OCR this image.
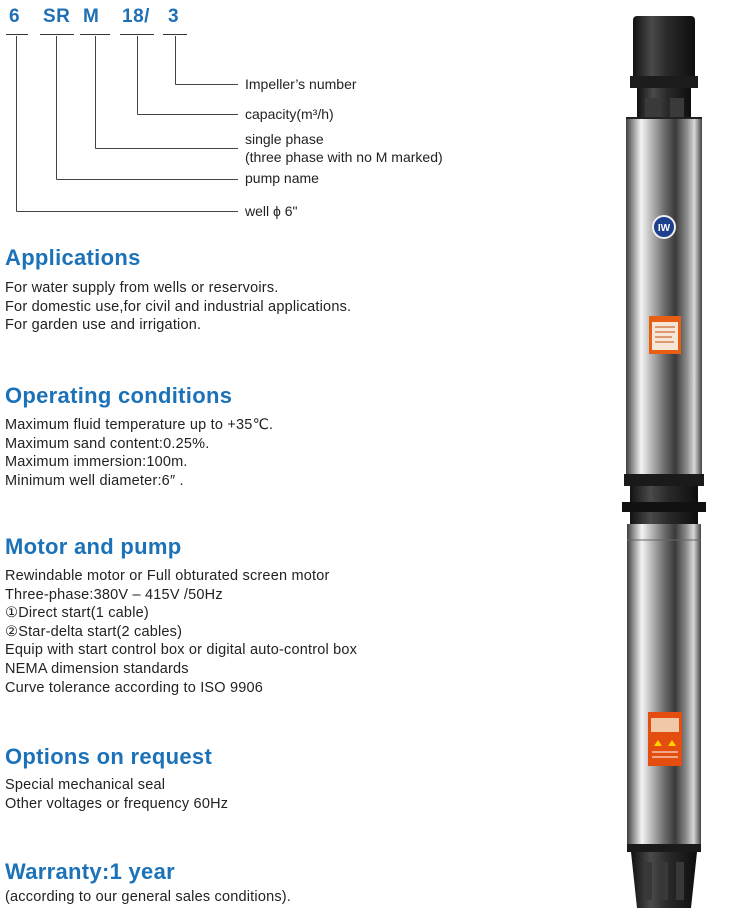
6 SR M 18/ 3
Impeller’s number
capacity(m³/h)
single phase
(three phase with no M marked)
pump name
well ϕ 6"
Applications
For water supply from wells or reservoirs.
For domestic use,for civil and industrial applications.
For garden use and irrigation.
Operating conditions
Maximum fluid temperature up to +35℃.
Maximum sand content:0.25%.
Maximum immersion:100m.
Minimum well diameter:6″ .
Motor and pump
Rewindable motor or Full obturated screen motor
Three-phase:380V – 415V /50Hz
①Direct start(1 cable)
②Star-delta start(2 cables)
Equip with start control box or digital auto-control box
NEMA dimension standards
Curve tolerance according to ISO 9906
Options on request
Special mechanical seal
Other voltages or frequency 60Hz
Warranty:1 year
(according to our general sales conditions).
IW
